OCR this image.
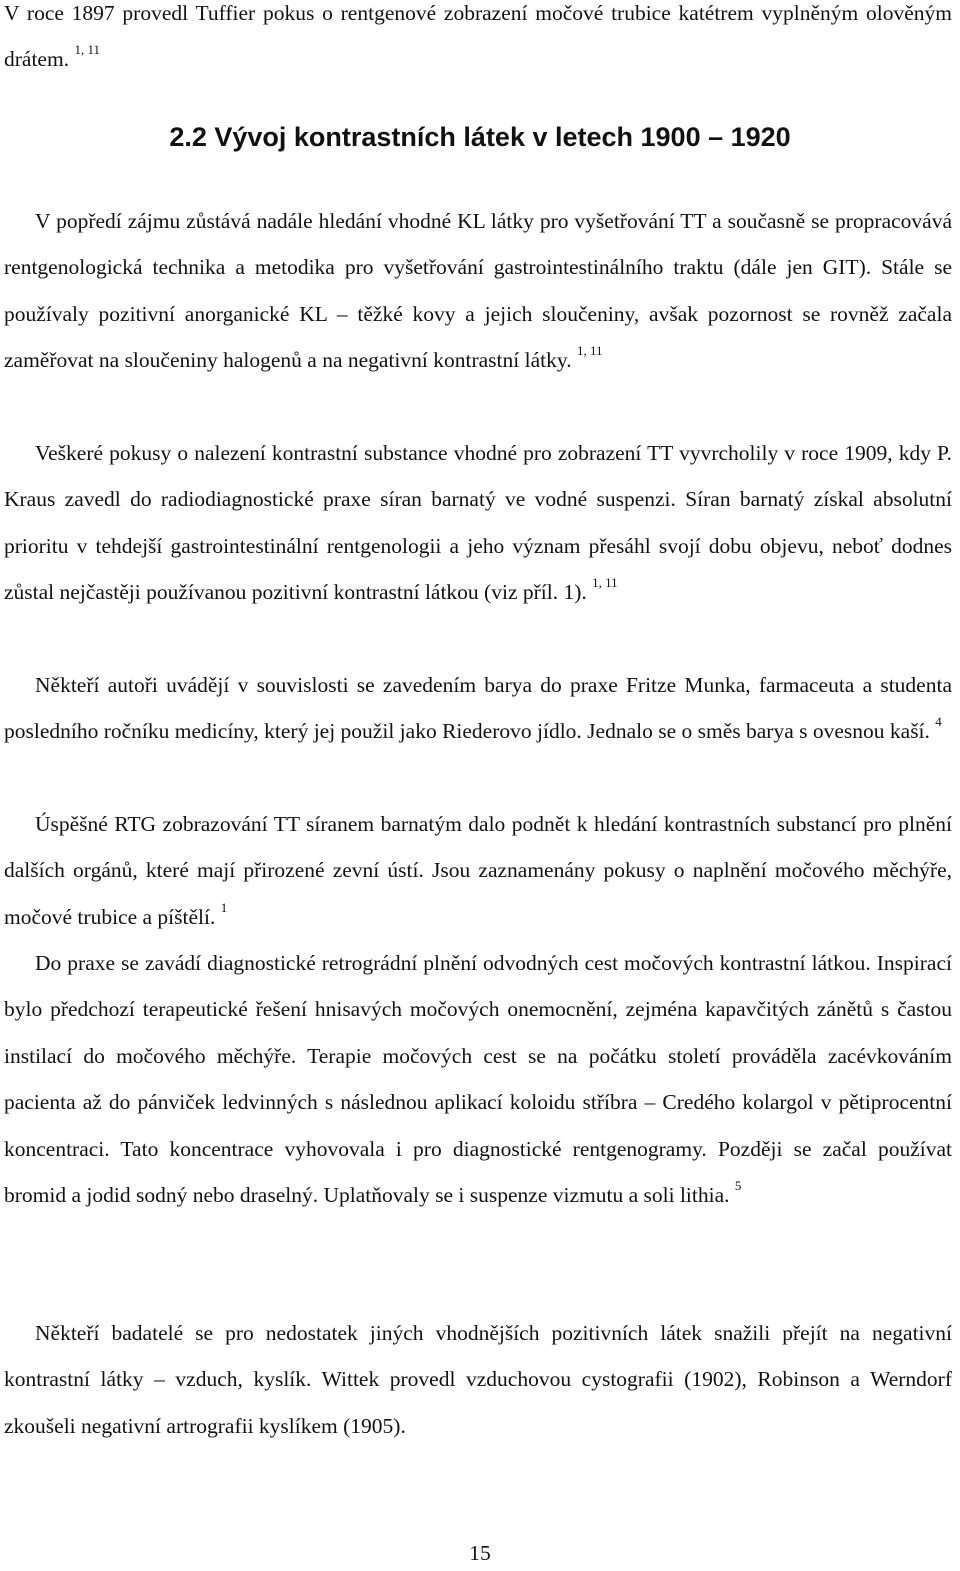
V roce 1897 provedl Tuffier pokus o rentgenové zobrazení močové trubice katétrem vyplněným olověným drátem. $^{1, 11}$

2.2 Vývoj kontrastních látek v letech 1900 – 1920

V popředí zájmu zůstává nadále hledání vhodné KL látky pro vyšetřování TT a současně se propracovává rentgenologická technika a metodika pro vyšetřování gastrointestinálního traktu (dále jen GIT). Stále se používaly pozitivní anorganické KL – těžké kovy a jejich sloučeniny, avšak pozornost se rovněž začala zaměřovat na sloučeniny halogenů a na negativní kontrastní látky. $^{1, 11}$

Veškeré pokusy o nalezení kontrastní substance vhodné pro zobrazení TT vyvrcholily v roce 1909, kdy P. Kraus zavedl do radiodiagnostické praxe síran barnatý ve vodné suspenzi. Síran barnatý získal absolutní prioritu v tehdejší gastrointestinální rentgenologii a jeho význam přesáhl svojí dobu objevu, neboť dodnes zůstal nejčastěji používanou pozitivní kontrastní látkou (viz příl. 1). $^{1, 11}$

Někteří autoři uvádějí v souvislosti se zavedením barya do praxe Fritze Munka, farmaceuta a studenta posledního ročníku medicíny, který jej použil jako Riederovo jídlo. Jednalo se o směs barya s ovesnou kaší. $^4$

Úspěšné RTG zobrazování TT síranem barnatým dalo podnět k hledání kontrastních substancí pro plnění dalších orgánů, které mají přirozené zevní ústí. Jsou zaznamenány pokusy o naplnění močového měchýře, močové trubice a píštělí. $^1$

Do praxe se zavádí diagnostické retrográdní plnění odvodných cest močových kontrastní látkou. Inspirací bylo předchozí terapeutické řešení hnisavých močových onemocnění, zejména kapavčitých zánětů s častou instilací do močového měchýře. Terapie močových cest se na počátku století prováděla zacévkováním pacienta až do pánviček ledvinných s následnou aplikací koloidu stříbra – Credého kolargol v pětiprocentní koncentraci. Tato koncentrace vyhovovala i pro diagnostické rentgenogramy. Později se začal používat bromid a jodid sodný nebo draselný. Uplatňovaly se i suspenze vizmutu a soli lithia. $^5$

Někteří badatelé se pro nedostatek jiných vhodnějších pozitivních látek snažili přejít na negativní kontrastní látky – vzduch, kyslík. Wittek provedl vzduchovou cystografii (1902), Robinson a Werndorf zkoušeli negativní artrografii kyslíkem (1905).

15
